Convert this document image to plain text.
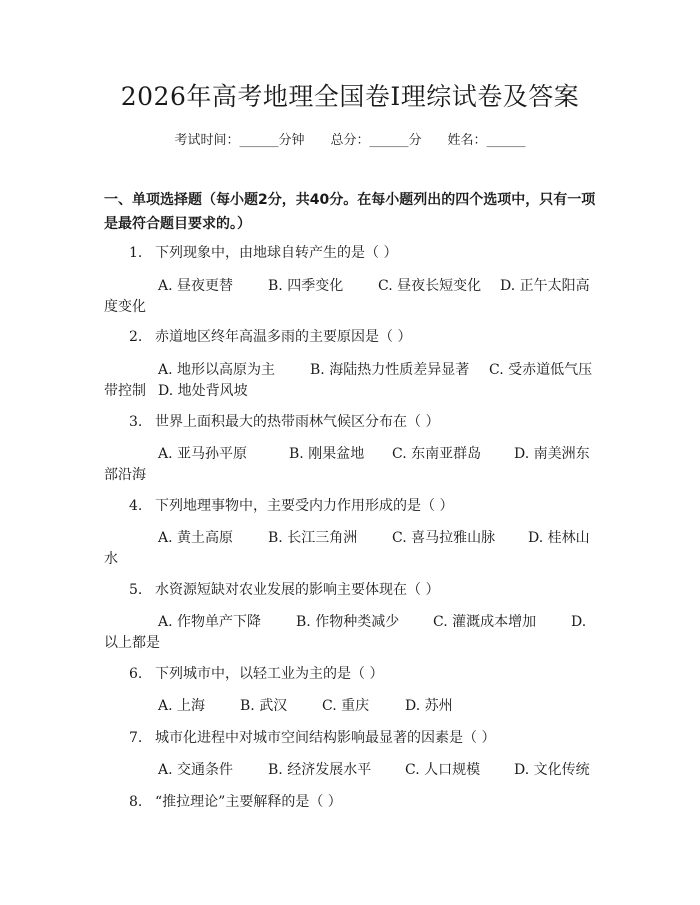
2026年高考地理全国卷Ⅰ理综试卷及答案
考试时间：______分钟 总分：______分 姓名：______
一、单项选择题（每小题2分，共40分。在每小题列出的四个选项中，只有一项是最符合题目要求的。）
1. 下列现象中，由地球自转产生的是（ ）
A. 昼夜更替 B. 四季变化 C. 昼夜长短变化 D. 正午太阳高
度变化
2. 赤道地区终年高温多雨的主要原因是（ ）
A. 地形以高原为主 B. 海陆热力性质差异显著 C. 受赤道低气压
带控制 D. 地处背风坡
3. 世界上面积最大的热带雨林气候区分布在（ ）
A. 亚马孙平原	B. 刚果盆地 C. 东南亚群岛 D. 南美洲东
部沿海
4. 下列地理事物中，主要受内力作用形成的是（ ）
A. 黄土高原 B. 长江三角洲 C. 喜马拉雅山脉 D. 桂林山
水
5. 水资源短缺对农业发展的影响主要体现在（ ）
A. 作物单产下降 B. 作物种类减少 C. 灌溉成本增加 D.
以上都是
6. 下列城市中，以轻工业为主的是（ ）
A. 上海 B. 武汉 C. 重庆	D. 苏州
7. 城市化进程中对城市空间结构影响最显著的因素是（ ）
A. 交通条件 B. 经济发展水平 C. 人口规模 D. 文化传统
8. “推拉理论”主要解释的是（ ）
